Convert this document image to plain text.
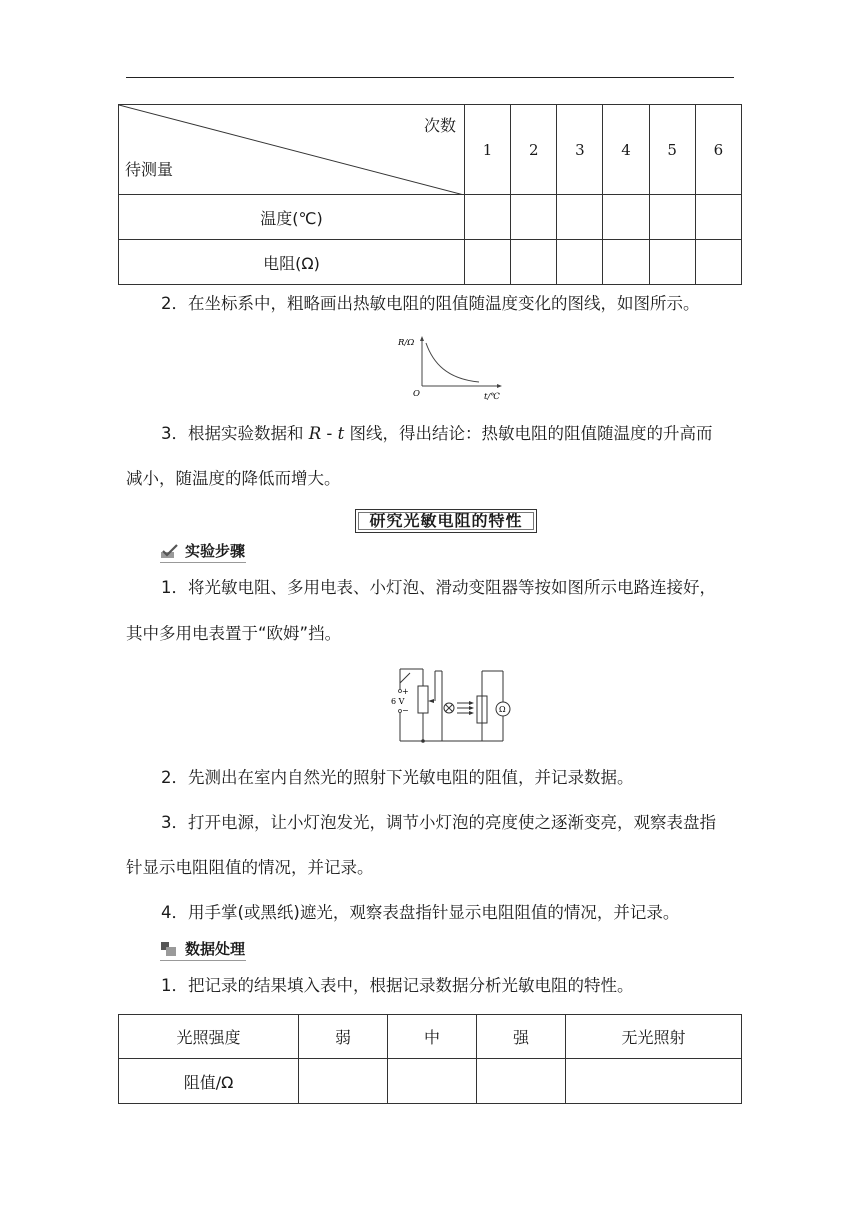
次数
待测量	1	2	3	4	5	6
温度(℃)						
电阻(Ω)						
2．在坐标系中，粗略画出热敏电阻的阻值随温度变化的图线，如图所示。
R/Ω
O	t/℃
3．根据实验数据和 R - t 图线，得出结论：热敏电阻的阻值随温度的升高而
减小，随温度的降低而增大。
研究光敏电阻的特性
实验步骤
1．将光敏电阻、多用电表、小灯泡、滑动变阻器等按如图所示电路连接好，
其中多用电表置于“欧姆”挡。
+
6 V
−	Ω
2．先测出在室内自然光的照射下光敏电阻的阻值，并记录数据。
3．打开电源，让小灯泡发光，调节小灯泡的亮度使之逐渐变亮，观察表盘指
针显示电阻阻值的情况，并记录。
4．用手掌(或黑纸)遮光，观察表盘指针显示电阻阻值的情况，并记录。
数据处理
1．把记录的结果填入表中，根据记录数据分析光敏电阻的特性。
光照强度	弱	中	强	无光照射
阻值/Ω				
